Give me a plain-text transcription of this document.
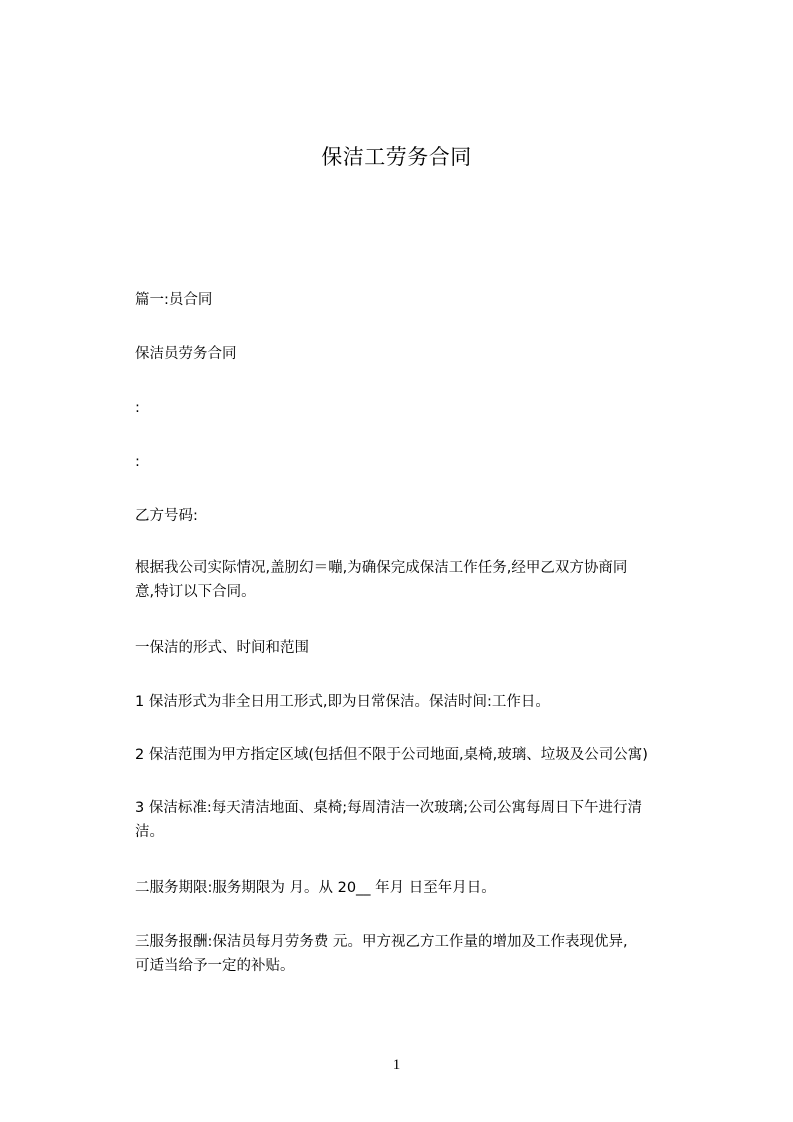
保洁工劳务合同
篇一:员合同
保洁员劳务合同
:
:
乙方号码:
根据我公司实际情况,盖肕幻＝嘣,为确保完成保洁工作任务,经甲乙双方协商同
意,特订以下合同。
一保洁的形式、时间和范围
1 保洁形式为非全日用工形式,即为日常保洁。保洁时间:工作日。
2 保洁范围为甲方指定区域(包括但不限于公司地面,桌椅,玻璃、垃圾及公司公寓)
3 保洁标准:每天清洁地面、桌椅;每周清洁一次玻璃;公司公寓每周日下午进行清
洁。
二服务期限:服务期限为 月。从 20__ 年月 日至年月日。
三服务报酬:保洁员每月劳务费 元。甲方视乙方工作量的增加及工作表现优异,
可适当给予一定的补贴。
1
